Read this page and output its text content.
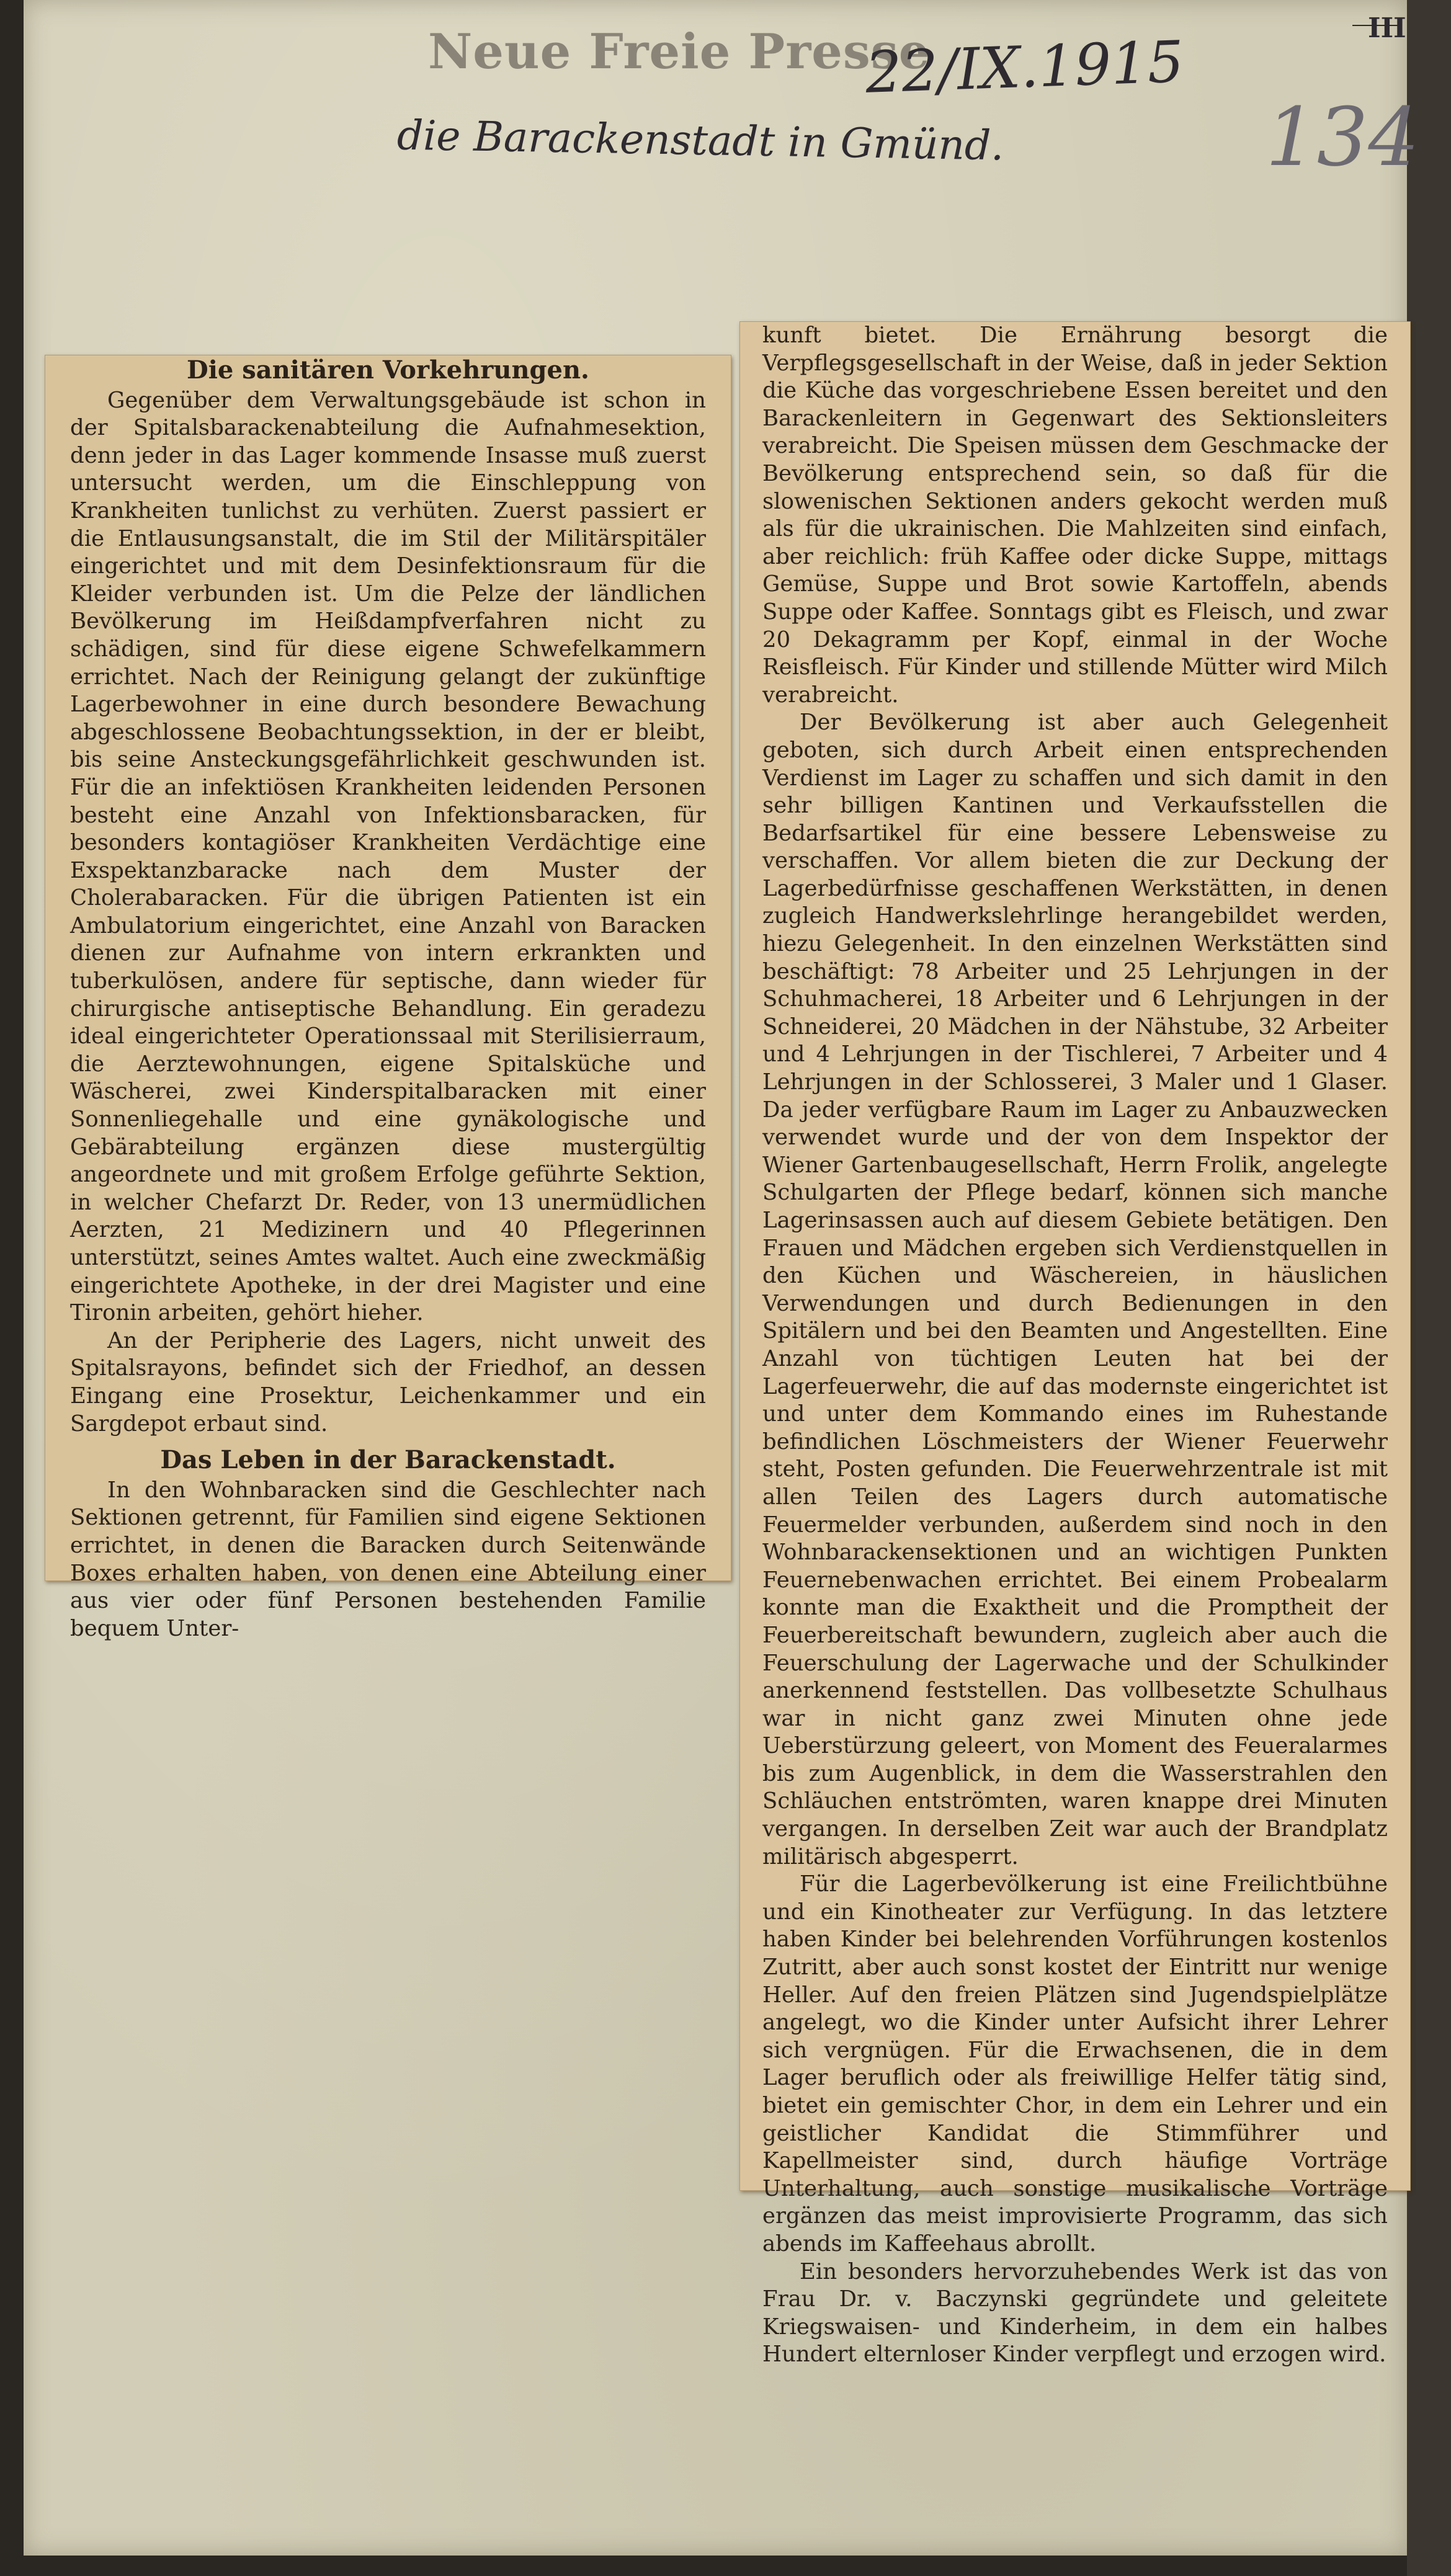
Neue Freie Presse
22/IX.1915
die Barackenstadt in Gmünd.	134
III
Die sanitären Vorkehrungen.

Gegenüber dem Verwaltungsgebäude ist schon in der Spitalsbarackenabteilung die Aufnahmesektion, denn jeder in das Lager kommende Insasse muß zuerst untersucht werden, um die Einschleppung von Krankheiten tunlichst zu verhüten. Zuerst passiert er die Entlausungsanstalt, die im Stil der Militärspitäler eingerichtet und mit dem Desinfektionsraum für die Kleider verbunden ist. Um die Pelze der ländlichen Bevölkerung im Heißdampfverfahren nicht zu schädigen, sind für diese eigene Schwefelkammern errichtet. Nach der Reinigung gelangt der zukünftige Lagerbewohner in eine durch besondere Bewachung abgeschlossene Beobachtungssektion, in der er bleibt, bis seine Ansteckungsgefährlichkeit geschwunden ist. Für die an infektiösen Krankheiten leidenden Personen besteht eine Anzahl von Infektionsbaracken, für besonders kontagiöser Krankheiten Verdächtige eine Exspektanzbaracke nach dem Muster der Cholerabaracken. Für die übrigen Patienten ist ein Ambulatorium eingerichtet, eine Anzahl von Baracken dienen zur Aufnahme von intern erkrankten und tuberkulösen, andere für septische, dann wieder für chirurgische antiseptische Behandlung. Ein geradezu ideal eingerichteter Operationssaal mit Sterilisierraum, die Aerztewohnungen, eigene Spitalsküche und Wäscherei, zwei Kinderspitalbaracken mit einer Sonnenliegehalle und eine gynäkologische und Gebärabteilung ergänzen diese mustergültig angeordnete und mit großem Erfolge geführte Sektion, in welcher Chefarzt Dr. Reder, von 13 unermüdlichen Aerzten, 21 Medizinern und 40 Pflegerinnen unterstützt, seines Amtes waltet. Auch eine zweckmäßig eingerichtete Apotheke, in der drei Magister und eine Tironin arbeiten, gehört hieher.

An der Peripherie des Lagers, nicht unweit des Spitalsrayons, befindet sich der Friedhof, an dessen Eingang eine Prosektur, Leichenkammer und ein Sargdepot erbaut sind.

Das Leben in der Barackenstadt.

In den Wohnbaracken sind die Geschlechter nach Sektionen getrennt, für Familien sind eigene Sektionen errichtet, in denen die Baracken durch Seitenwände Boxes erhalten haben, von denen eine Abteilung einer aus vier oder fünf Personen bestehenden Familie bequem Unter-

kunft bietet. Die Ernährung besorgt die Verpflegsgesellschaft in der Weise, daß in jeder Sektion die Küche das vorgeschriebene Essen bereitet und den Barackenleitern in Gegenwart des Sektionsleiters verabreicht. Die Speisen müssen dem Geschmacke der Bevölkerung entsprechend sein, so daß für die slowenischen Sektionen anders gekocht werden muß als für die ukrainischen. Die Mahlzeiten sind einfach, aber reichlich: früh Kaffee oder dicke Suppe, mittags Gemüse, Suppe und Brot sowie Kartoffeln, abends Suppe oder Kaffee. Sonntags gibt es Fleisch, und zwar 20 Dekagramm per Kopf, einmal in der Woche Reisfleisch. Für Kinder und stillende Mütter wird Milch verabreicht.

Der Bevölkerung ist aber auch Gelegenheit geboten, sich durch Arbeit einen entsprechenden Verdienst im Lager zu schaffen und sich damit in den sehr billigen Kantinen und Verkaufsstellen die Bedarfsartikel für eine bessere Lebensweise zu verschaffen. Vor allem bieten die zur Deckung der Lagerbedürfnisse geschaffenen Werkstätten, in denen zugleich Handwerkslehrlinge herangebildet werden, hiezu Gelegenheit. In den einzelnen Werkstätten sind beschäftigt: 78 Arbeiter und 25 Lehrjungen in der Schuhmacherei, 18 Arbeiter und 6 Lehrjungen in der Schneiderei, 20 Mädchen in der Nähstube, 32 Arbeiter und 4 Lehrjungen in der Tischlerei, 7 Arbeiter und 4 Lehrjungen in der Schlosserei, 3 Maler und 1 Glaser. Da jeder verfügbare Raum im Lager zu Anbauzwecken verwendet wurde und der von dem Inspektor der Wiener Gartenbaugesellschaft, Herrn Frolik, angelegte Schulgarten der Pflege bedarf, können sich manche Lagerinsassen auch auf diesem Gebiete betätigen. Den Frauen und Mädchen ergeben sich Verdienstquellen in den Küchen und Wäschereien, in häuslichen Verwendungen und durch Bedienungen in den Spitälern und bei den Beamten und Angestellten. Eine Anzahl von tüchtigen Leuten hat bei der Lagerfeuerwehr, die auf das modernste eingerichtet ist und unter dem Kommando eines im Ruhestande befindlichen Löschmeisters der Wiener Feuerwehr steht, Posten gefunden. Die Feuerwehrzentrale ist mit allen Teilen des Lagers durch automatische Feuermelder verbunden, außerdem sind noch in den Wohnbarackensektionen und an wichtigen Punkten Feuernebenwachen errichtet. Bei einem Probealarm konnte man die Exaktheit und die Promptheit der Feuerbereitschaft bewundern, zugleich aber auch die Feuerschulung der Lagerwache und der Schulkinder anerkennend feststellen. Das vollbesetzte Schulhaus war in nicht ganz zwei Minuten ohne jede Ueberstürzung geleert, von Moment des Feueralarmes bis zum Augenblick, in dem die Wasserstrahlen den Schläuchen entströmten, waren knappe drei Minuten vergangen. In derselben Zeit war auch der Brandplatz militärisch abgesperrt.

Für die Lagerbevölkerung ist eine Freilichtbühne und ein Kinotheater zur Verfügung. In das letztere haben Kinder bei belehrenden Vorführungen kostenlos Zutritt, aber auch sonst kostet der Eintritt nur wenige Heller. Auf den freien Plätzen sind Jugendspielplätze angelegt, wo die Kinder unter Aufsicht ihrer Lehrer sich vergnügen. Für die Erwachsenen, die in dem Lager beruflich oder als freiwillige Helfer tätig sind, bietet ein gemischter Chor, in dem ein Lehrer und ein geistlicher Kandidat die Stimmführer und Kapellmeister sind, durch häufige Vorträge Unterhaltung, auch sonstige musikalische Vorträge ergänzen das meist improvisierte Programm, das sich abends im Kaffeehaus abrollt.

Ein besonders hervorzuhebendes Werk ist das von Frau Dr. v. Baczynski gegründete und geleitete Kriegswaisen- und Kinderheim, in dem ein halbes Hundert elternloser Kinder verpflegt und erzogen wird.
